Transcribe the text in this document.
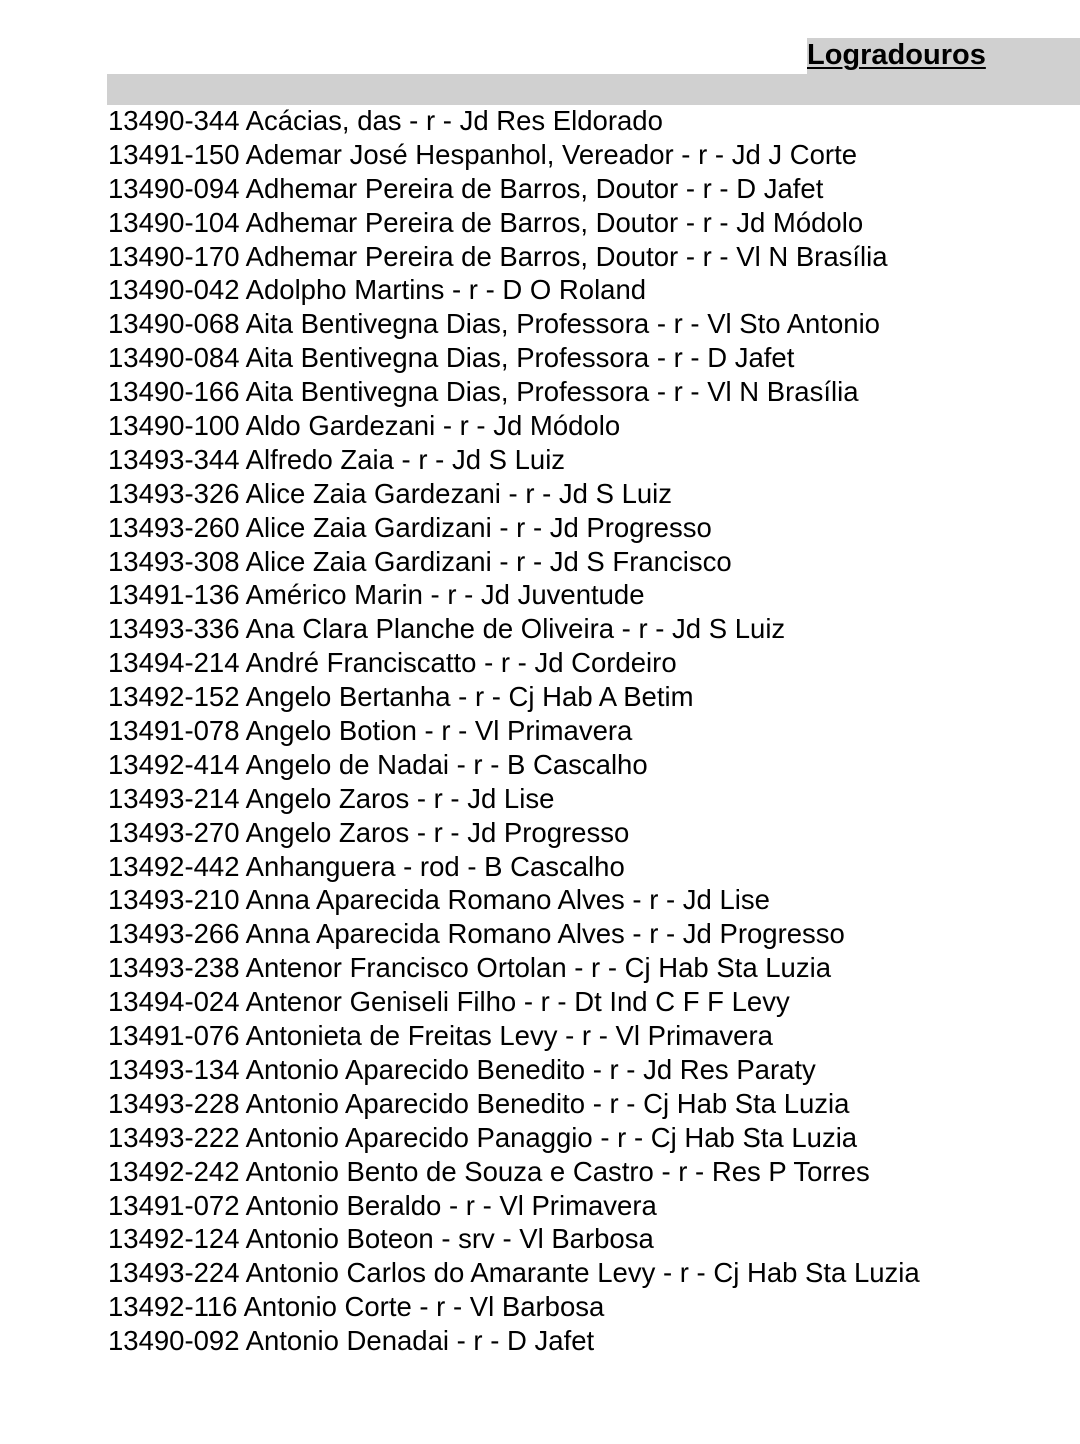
Logradouros
13490-344 Acácias, das - r - Jd Res Eldorado
13491-150 Ademar José Hespanhol, Vereador - r - Jd J Corte
13490-094 Adhemar Pereira de Barros, Doutor - r - D Jafet
13490-104 Adhemar Pereira de Barros, Doutor - r - Jd Módolo
13490-170 Adhemar Pereira de Barros, Doutor - r - Vl N Brasília
13490-042 Adolpho Martins - r - D O Roland
13490-068 Aita Bentivegna Dias, Professora - r - Vl Sto Antonio
13490-084 Aita Bentivegna Dias, Professora - r - D Jafet
13490-166 Aita Bentivegna Dias, Professora - r - Vl N Brasília
13490-100 Aldo Gardezani - r - Jd Módolo
13493-344 Alfredo Zaia - r - Jd S Luiz
13493-326 Alice Zaia Gardezani - r - Jd S Luiz
13493-260 Alice Zaia Gardizani - r - Jd Progresso
13493-308 Alice Zaia Gardizani - r - Jd S Francisco
13491-136 Américo Marin - r - Jd Juventude
13493-336 Ana Clara Planche de Oliveira - r - Jd S Luiz
13494-214 André Franciscatto - r - Jd Cordeiro
13492-152 Angelo Bertanha - r - Cj Hab A Betim
13491-078 Angelo Botion - r - Vl Primavera
13492-414 Angelo de Nadai - r - B Cascalho
13493-214 Angelo Zaros - r - Jd Lise
13493-270 Angelo Zaros - r - Jd Progresso
13492-442 Anhanguera - rod - B Cascalho
13493-210 Anna Aparecida Romano Alves - r - Jd Lise
13493-266 Anna Aparecida Romano Alves - r - Jd Progresso
13493-238 Antenor Francisco Ortolan - r - Cj Hab Sta Luzia
13494-024 Antenor Geniseli Filho - r - Dt Ind C F F Levy
13491-076 Antonieta de Freitas Levy - r - Vl Primavera
13493-134 Antonio Aparecido Benedito - r - Jd Res Paraty
13493-228 Antonio Aparecido Benedito - r - Cj Hab Sta Luzia
13493-222 Antonio Aparecido Panaggio - r - Cj Hab Sta Luzia
13492-242 Antonio Bento de Souza e Castro - r - Res P Torres
13491-072 Antonio Beraldo - r - Vl Primavera
13492-124 Antonio Boteon - srv - Vl Barbosa
13493-224 Antonio Carlos do Amarante Levy - r - Cj Hab Sta Luzia
13492-116 Antonio Corte - r - Vl Barbosa
13490-092 Antonio Denadai - r - D Jafet
